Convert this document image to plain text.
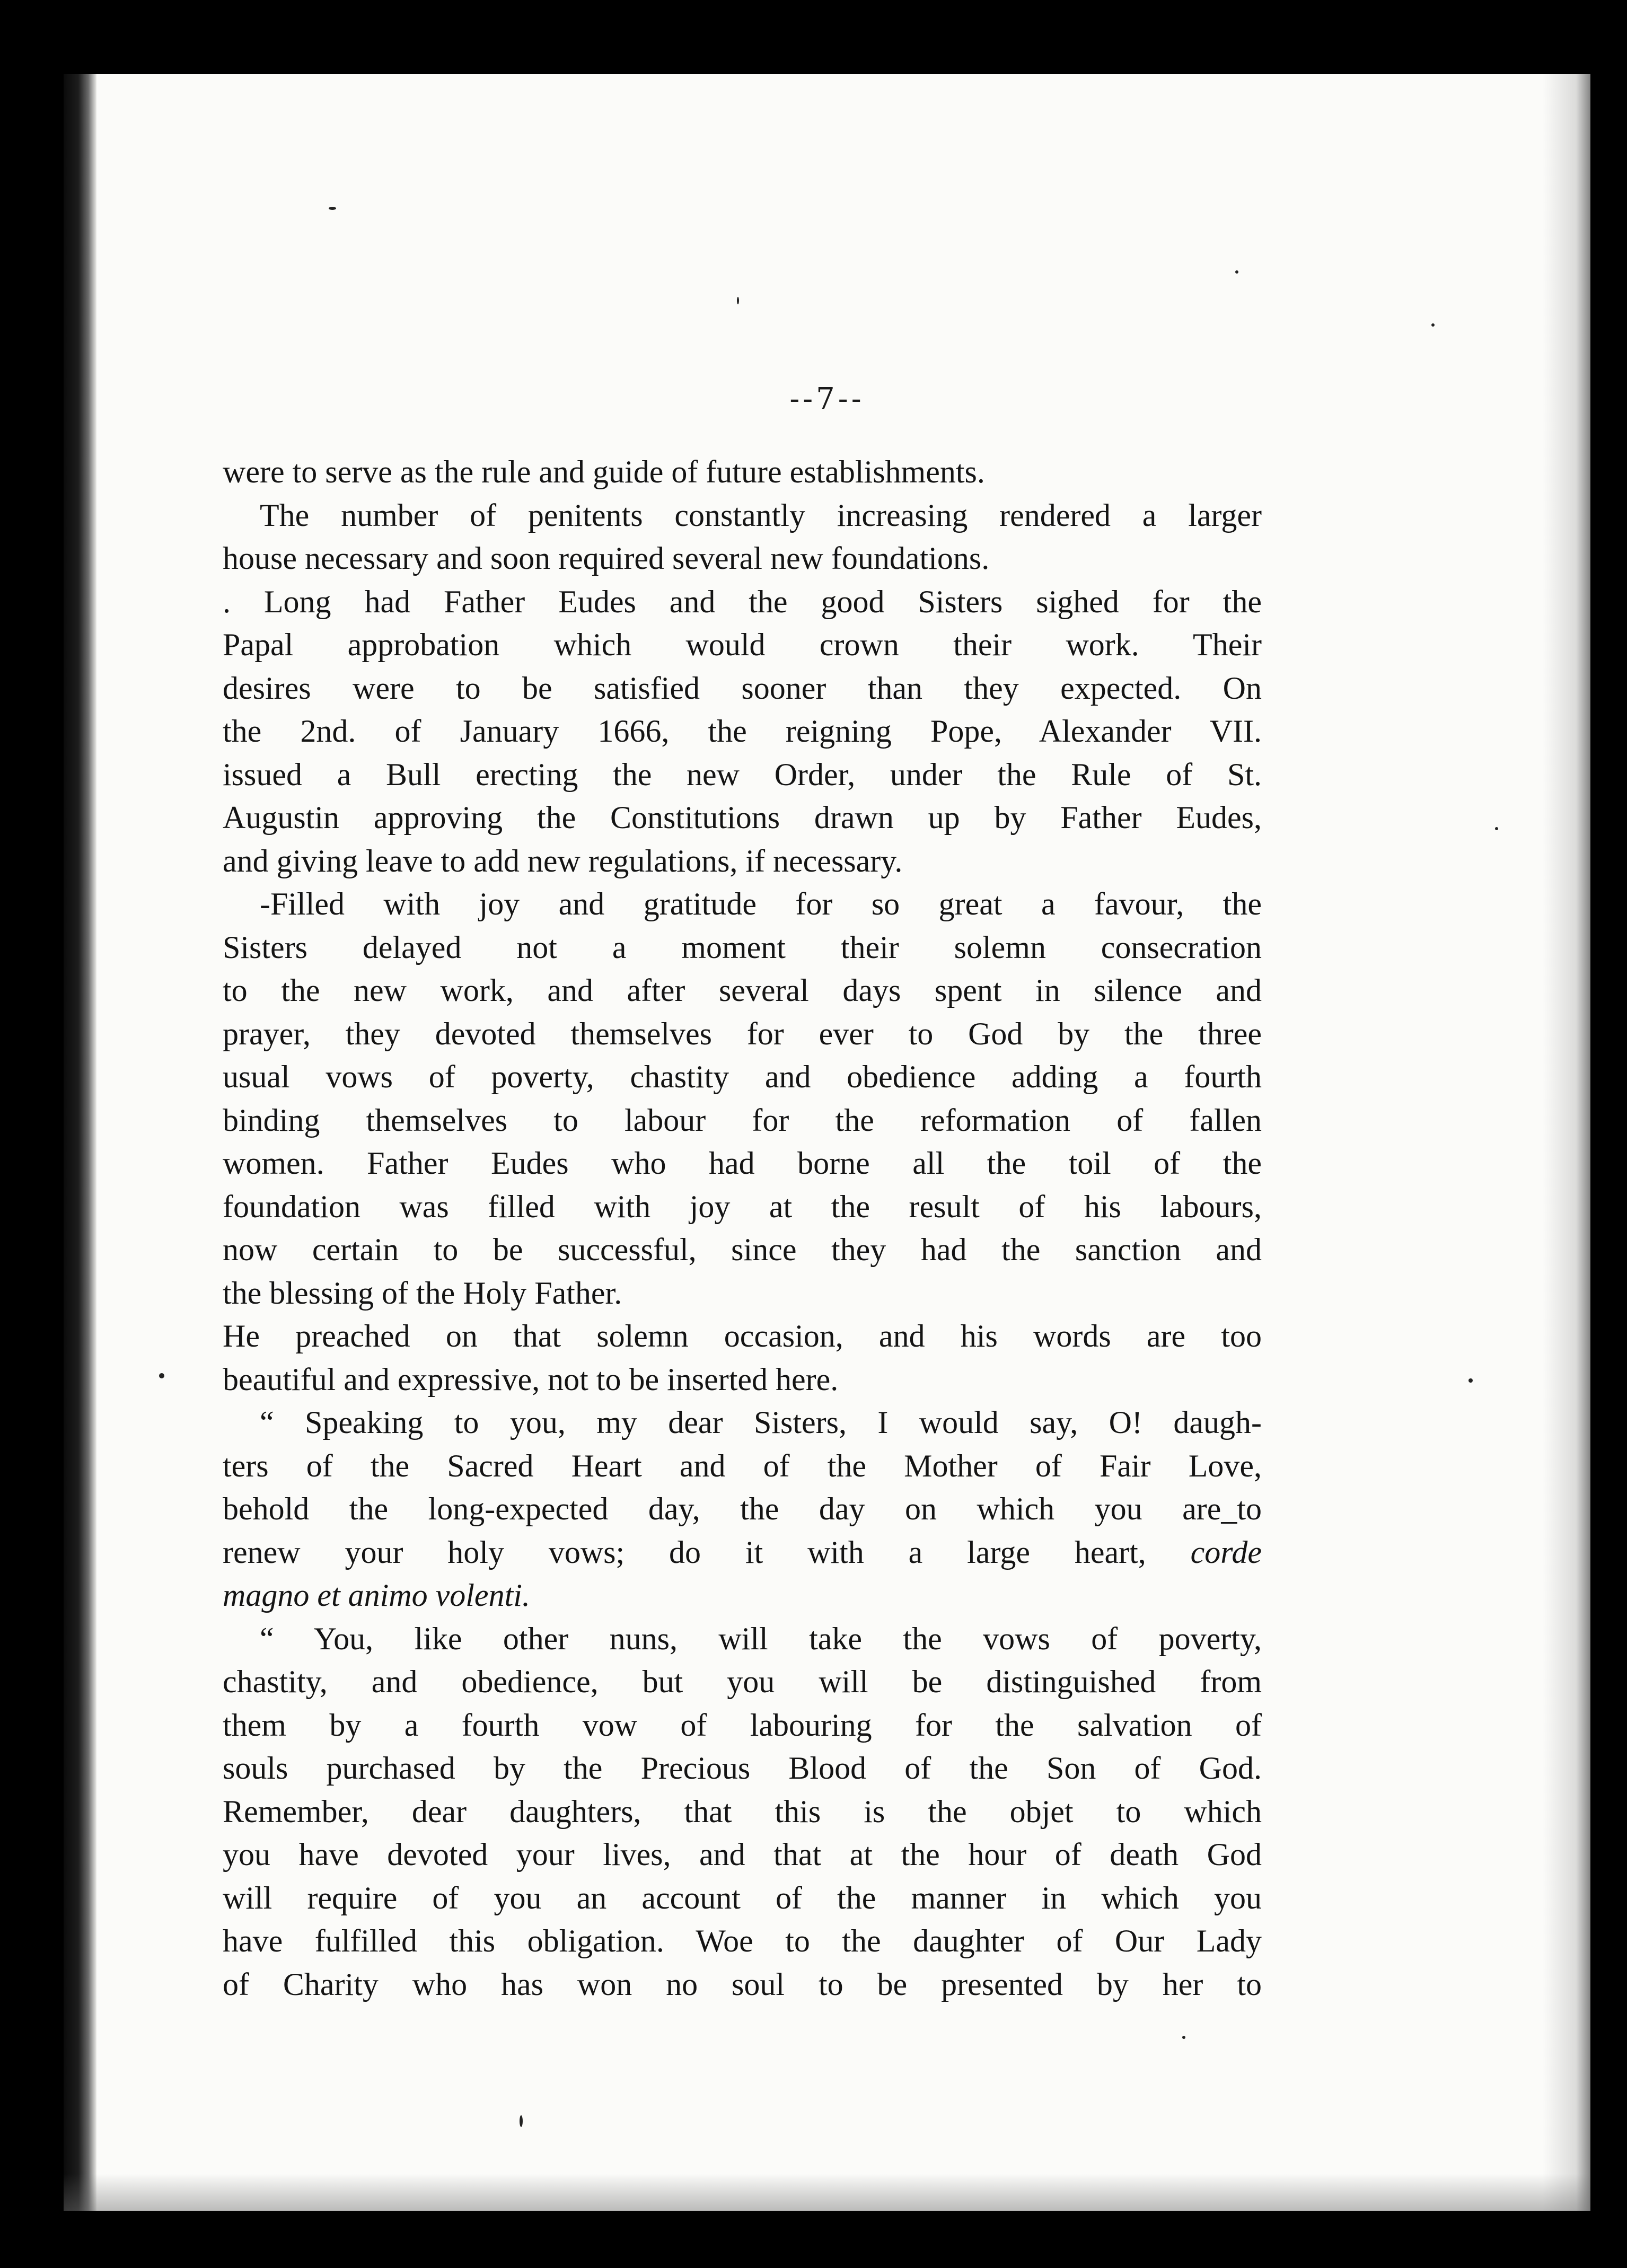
--7--
were to serve as the rule and guide of future establishments.
The number of penitents constantly increasing rendered a larger
house necessary and soon required several new foundations.
. Long had Father Eudes and the good Sisters sighed for the
Papal approbation which would crown their work. Their
desires were to be satisfied sooner than they expected. On
the 2nd. of January 1666, the reigning Pope, Alexander VII.
issued a Bull erecting the new Order, under the Rule of St.
Augustin approving the Constitutions drawn up by Father Eudes,
and giving leave to add new regulations, if necessary.
-Filled with joy and gratitude for so great a favour, the
Sisters delayed not a moment their solemn consecration
to the new work, and after several days spent in silence and
prayer, they devoted themselves for ever to God by the three
usual vows of poverty, chastity and obedience adding a fourth
binding themselves to labour for the reformation of fallen
women. Father Eudes who had borne all the toil of the
foundation was filled with joy at the result of his labours,
now certain to be successful, since they had the sanction and
the blessing of the Holy Father.
He preached on that solemn occasion, and his words are too
beautiful and expressive, not to be inserted here.
“ Speaking to you, my dear Sisters, I would say, O! daugh-
ters of the Sacred Heart and of the Mother of Fair Love,
behold the long-expected day, the day on which you are_to
renew your holy vows; do it with a large heart, corde
magno et animo volenti.
“ You, like other nuns, will take the vows of poverty,
chastity, and obedience, but you will be distinguished from
them by a fourth vow of labouring for the salvation of
souls purchased by the Precious Blood of the Son of God.
Remember, dear daughters, that this is the objet to which
you have devoted your lives, and that at the hour of death God
will require of you an account of the manner in which you
have fulfilled this obligation. Woe to the daughter of Our Lady
of Charity who has won no soul to be presented by her to
